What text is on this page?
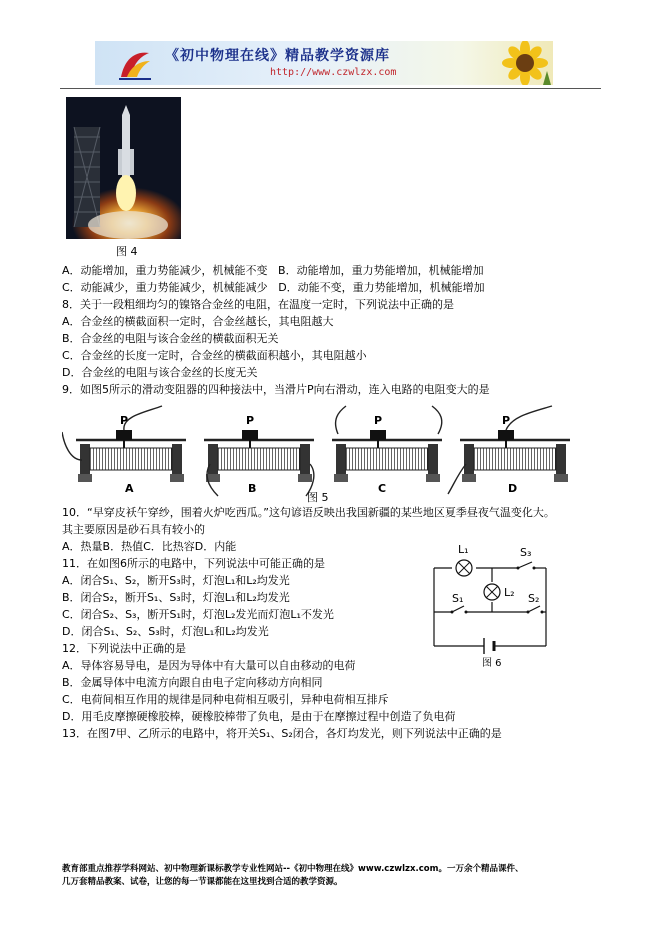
《初中物理在线》精品教学资源库
http://www.czwlzx.com
图 4
A．动能增加，重力势能减少，机械能不变 B．动能增加，重力势能增加，机械能增加
C．动能减少，重力势能减少，机械能减少 D．动能不变，重力势能增加，机械能增加
8．关于一段粗细均匀的镍铬合金丝的电阻，在温度一定时，下列说法中正确的是
A．合金丝的横截面积一定时，合金丝越长，其电阻越大
B．合金丝的电阻与该合金丝的横截面积无关
C．合金丝的长度一定时，合金丝的横截面积越小，其电阻越小
D．合金丝的电阻与该合金丝的长度无关
9．如图5所示的滑动变阻器的四种接法中，当滑片P向右滑动，连入电路的电阻变大的是
P	P	P	P
A	B	C	D
图 5
10．“早穿皮袄午穿纱，围着火炉吃西瓜。”这句谚语反映出我国新疆的某些地区夏季昼夜气温变化大。
其主要原因是砂石具有较小的
A．热量B．热值C．比热容D．内能
11．在如图6所示的电路中，下列说法中可能正确的是
A．闭合S₁、S₂，断开S₃时，灯泡L₁和L₂均发光
B．闭合S₂，断开S₁、S₃时，灯泡L₁和L₂均发光
C．闭合S₂、S₃，断开S₁时，灯泡L₂发光而灯泡L₁不发光
D．闭合S₁、S₂、S₃时，灯泡L₁和L₂均发光
L₁
L₂
S₃
S₁	S₂
图 6
12．下列说法中正确的是
A．导体容易导电，是因为导体中有大量可以自由移动的电荷
B．金属导体中电流方向跟自由电子定向移动方向相同
C．电荷间相互作用的规律是同种电荷相互吸引，异种电荷相互排斥
D．用毛皮摩擦硬橡胶棒，硬橡胶棒带了负电，是由于在摩擦过程中创造了负电荷
13．在图7甲、乙所示的电路中，将开关S₁、S₂闭合，各灯均发光，则下列说法中正确的是
教育部重点推荐学科网站、初中物理新课标教学专业性网站--《初中物理在线》www.czwlzx.com。一万余个精品课件、
几万套精品教案、试卷，让您的每一节课都能在这里找到合适的教学资源。
